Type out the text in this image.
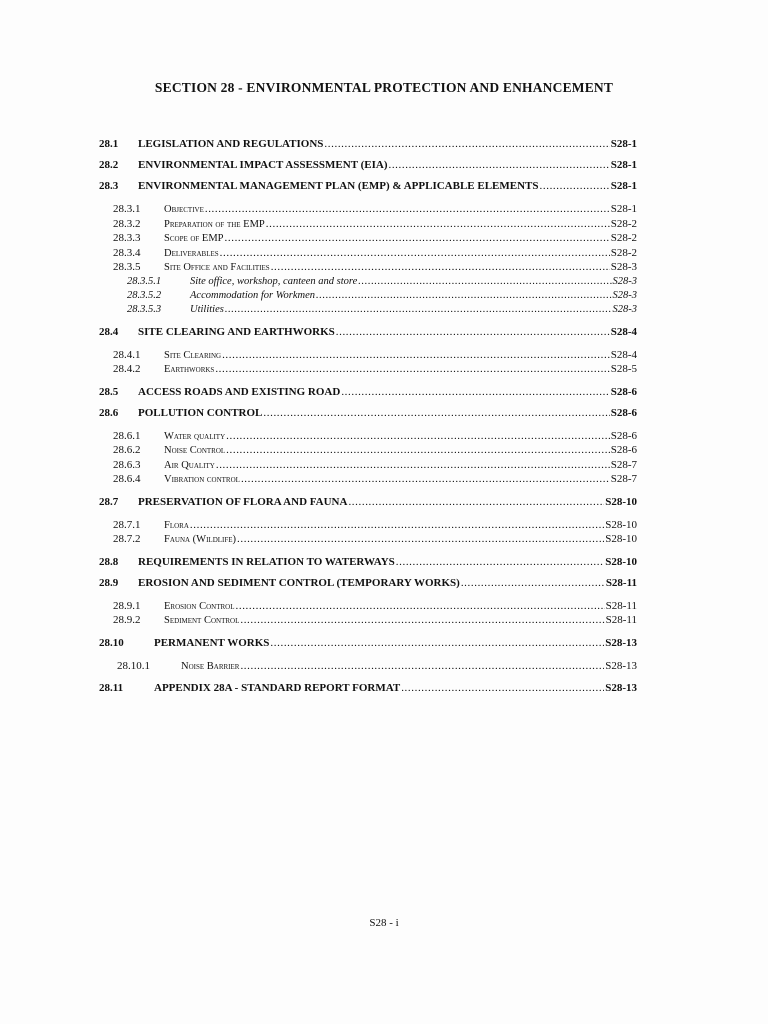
SECTION 28 - ENVIRONMENTAL PROTECTION AND ENHANCEMENT
28.1	LEGISLATION AND REGULATIONS .....	S28-1
28.2	ENVIRONMENTAL IMPACT ASSESSMENT (EIA) .....	S28-1
28.3	ENVIRONMENTAL MANAGEMENT PLAN (EMP) & APPLICABLE ELEMENTS .....	S28-1
28.3.1	Objective .....	S28-1
28.3.2	Preparation of the EMP .....	S28-2
28.3.3	Scope of EMP .....	S28-2
28.3.4	Deliverables .....	S28-2
28.3.5	Site Office and Facilities .....	S28-3
28.3.5.1	Site office, workshop, canteen and store .....	S28-3
28.3.5.2	Accommodation for Workmen .....	S28-3
28.3.5.3	Utilities .....	S28-3
28.4	SITE CLEARING AND EARTHWORKS .....	S28-4
28.4.1	Site Clearing .....	S28-4
28.4.2	Earthworks .....	S28-5
28.5	ACCESS ROADS AND EXISTING ROAD .....	S28-6
28.6	POLLUTION CONTROL .....	S28-6
28.6.1	Water quality .....	S28-6
28.6.2	Noise Control .....	S28-6
28.6.3	Air Quality .....	S28-7
28.6.4	Vibration control .....	S28-7
28.7	PRESERVATION OF FLORA AND FAUNA .....	S28-10
28.7.1	Flora .....	S28-10
28.7.2	Fauna (Wildlife) .....	S28-10
28.8	REQUIREMENTS IN RELATION TO WATERWAYS .....	S28-10
28.9	EROSION AND SEDIMENT CONTROL (TEMPORARY WORKS) .....	S28-11
28.9.1	Erosion Control .....	S28-11
28.9.2	Sediment Control .....	S28-11
28.10	PERMANENT WORKS .....	S28-13
28.10.1	Noise Barrier .....	S28-13
28.11	APPENDIX 28A - STANDARD REPORT FORMAT .....	S28-13
S28 - i
